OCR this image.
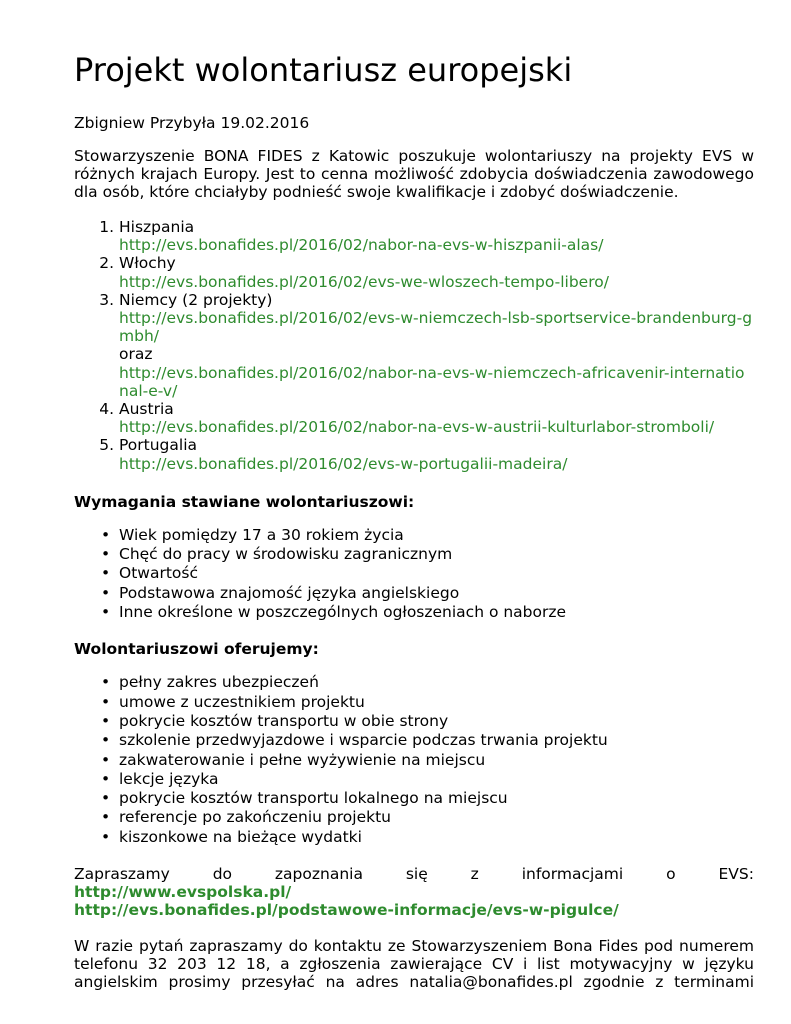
Projekt wolontariusz europejski

Zbigniew Przybyła 19.02.2016

Stowarzyszenie BONA FIDES z Katowic poszukuje wolontariuszy na projekty EVS w różnych krajach Europy. Jest to cenna możliwość zdobycia doświadczenia zawodowego dla osób, które chciałyby podnieść swoje kwalifikacje i zdobyć doświadczenie.

1. Hiszpania
http://evs.bonafides.pl/2016/02/nabor-na-evs-w-hiszpanii-alas/
2. Włochy
http://evs.bonafides.pl/2016/02/evs-we-wloszech-tempo-libero/
3. Niemcy (2 projekty)
http://evs.bonafides.pl/2016/02/evs-w-niemczech-lsb-sportservice-brandenburg-gmbh/
oraz
http://evs.bonafides.pl/2016/02/nabor-na-evs-w-niemczech-africavenir-international-e-v/
4. Austria
http://evs.bonafides.pl/2016/02/nabor-na-evs-w-austrii-kulturlabor-stromboli/
5. Portugalia
http://evs.bonafides.pl/2016/02/evs-w-portugalii-madeira/
Wymagania stawiane wolontariuszowi:
• Wiek pomiędzy 17 a 30 rokiem życia
• Chęć do pracy w środowisku zagranicznym
• Otwartość
• Podstawowa znajomość języka angielskiego
• Inne określone w poszczególnych ogłoszeniach o naborze
Wolontariuszowi oferujemy:
• pełny zakres ubezpieczeń
• umowe z uczestnikiem projektu
• pokrycie kosztów transportu w obie strony
• szkolenie przedwyjazdowe i wsparcie podczas trwania projektu
• zakwaterowanie i pełne wyżywienie na miejscu
• lekcje języka
• pokrycie kosztów transportu lokalnego na miejscu
• referencje po zakończeniu projektu
• kiszonkowe na bieżące wydatki
Zapraszamy	do	zapoznania	się	z	informacjami	o	EVS:
http://www.evspolska.pl/
http://evs.bonafides.pl/podstawowe-informacje/evs-w-pigulce/

W razie pytań zapraszamy do kontaktu ze Stowarzyszeniem Bona Fides pod numerem telefonu 32 203 12 18, a zgłoszenia zawierające CV i list motywacyjny w języku angielskim prosimy przesyłać na adres natalia@bonafides.pl zgodnie z terminami
